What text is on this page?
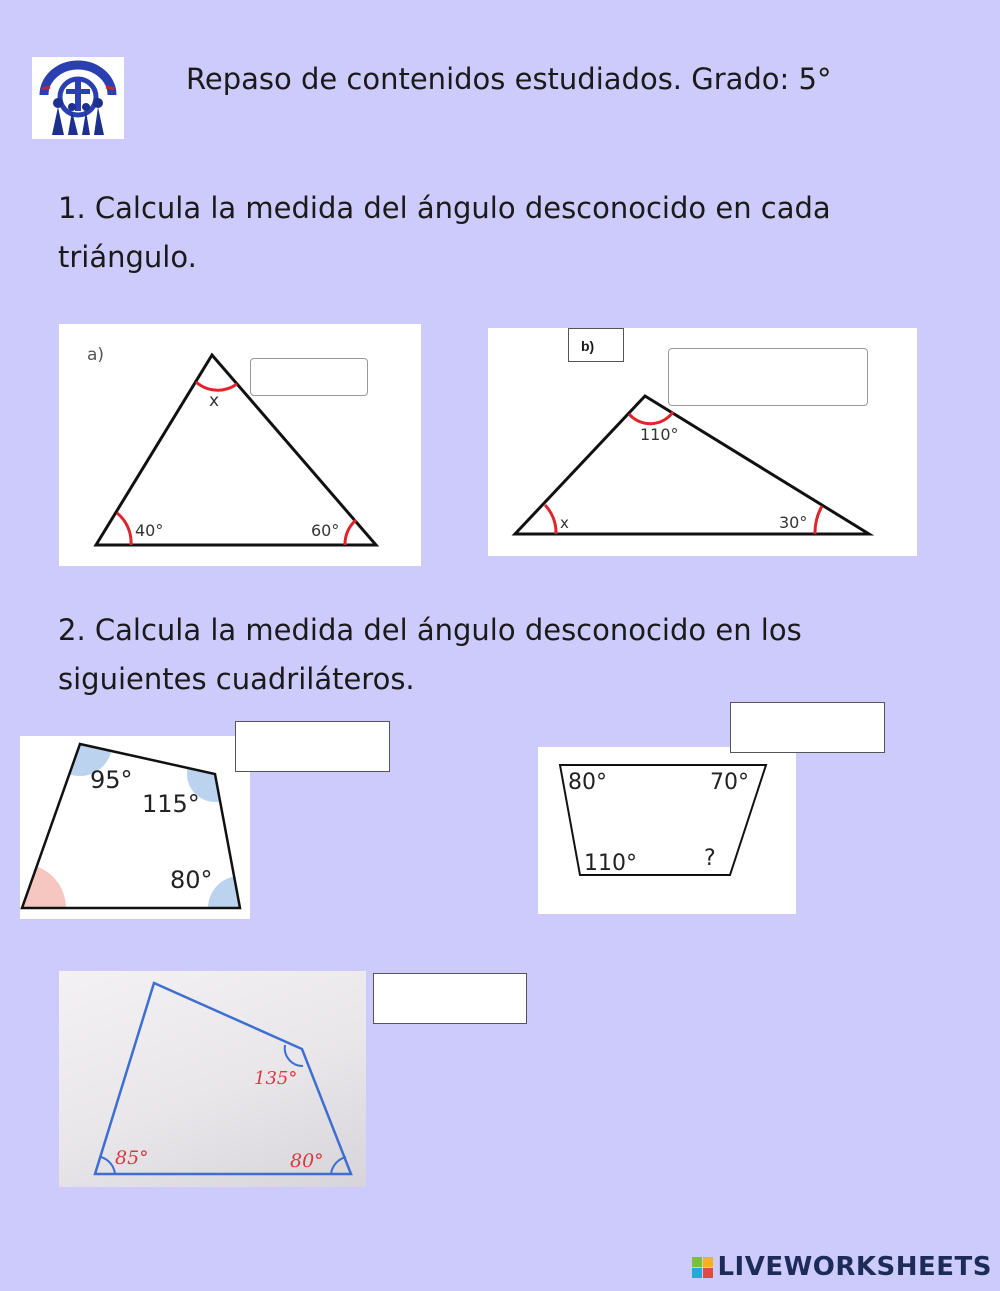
Repaso de contenidos estudiados. Grado: 5°
1. Calcula la medida del ángulo desconocido en cada triángulo.
a)
x
40°	60°
110°
x	30°
b)
2. Calcula la medida del ángulo desconocido en los siguientes cuadriláteros.
95°
115°
80°
80°	70°
110°	?
135°
85°	80°
LIVEWORKSHEETS
